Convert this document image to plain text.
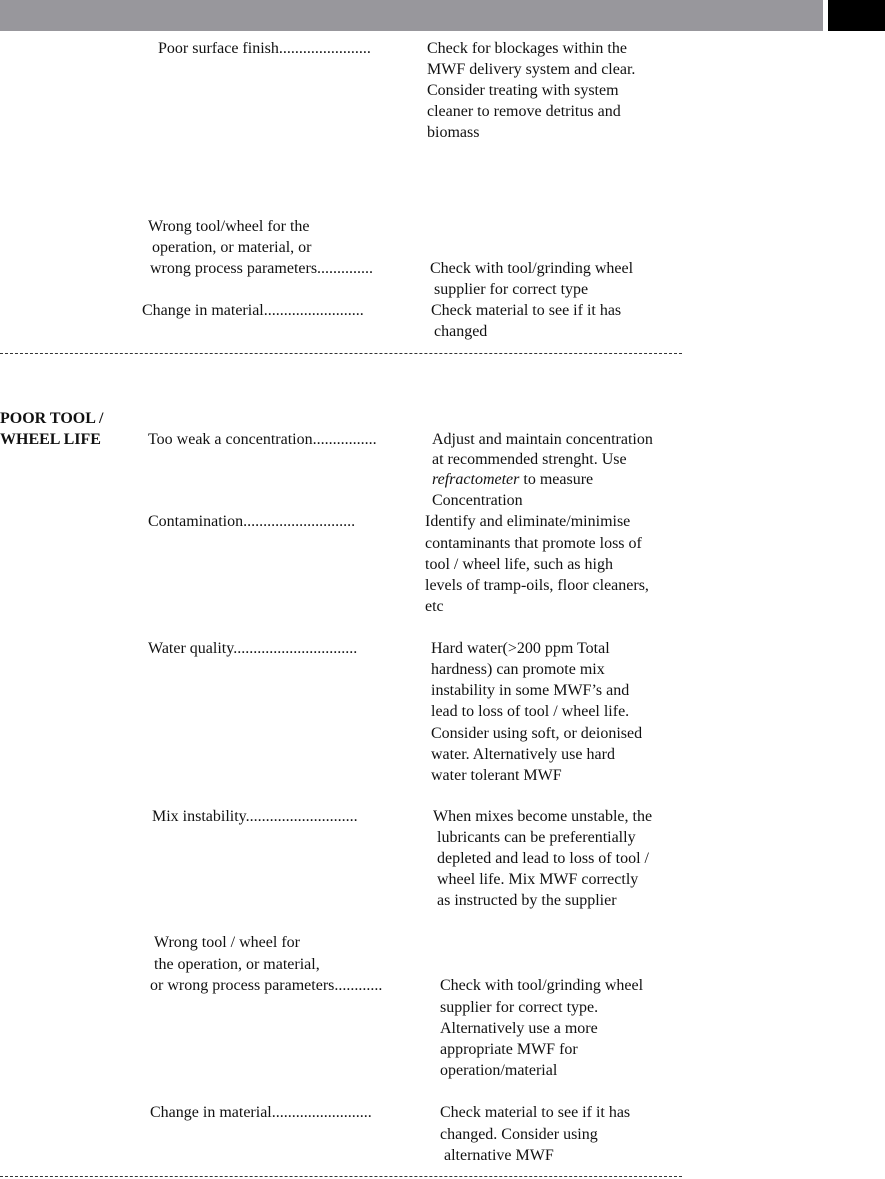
POOR TOOL /
WHEEL LIFE
Poor surface finish.......................	Check for blockages within the
MWF delivery system and clear.
Consider treating with system
cleaner to remove detritus and
biomass
Wrong tool/wheel for the
operation, or material, or
wrong process parameters..............	Check with tool/grinding wheel
supplier for correct type
Change in material.........................	Check material to see if it has
changed
Too weak a concentration................	Adjust and maintain concentration
at recommended strenght. Use
refractometer to measure
Concentration
Contamination............................	Identify and eliminate/minimise
contaminants that promote loss of
tool / wheel life, such as high
levels of tramp-oils, floor cleaners,
etc
Water quality...............................	Hard water(>200 ppm Total
hardness) can promote mix
instability in some MWF’s and
lead to loss of tool / wheel life.
Consider using soft, or deionised
water. Alternatively use hard
water tolerant MWF
Mix instability............................	When mixes become unstable, the
lubricants can be preferentially
depleted and lead to loss of tool /
wheel life. Mix MWF correctly
as instructed by the supplier
Wrong tool / wheel for
the operation, or material,
or wrong process parameters............	Check with tool/grinding wheel
supplier for correct type.
Alternatively use a more
appropriate MWF for
operation/material
Change in material.........................	Check material to see if it has
changed. Consider using
alternative MWF
